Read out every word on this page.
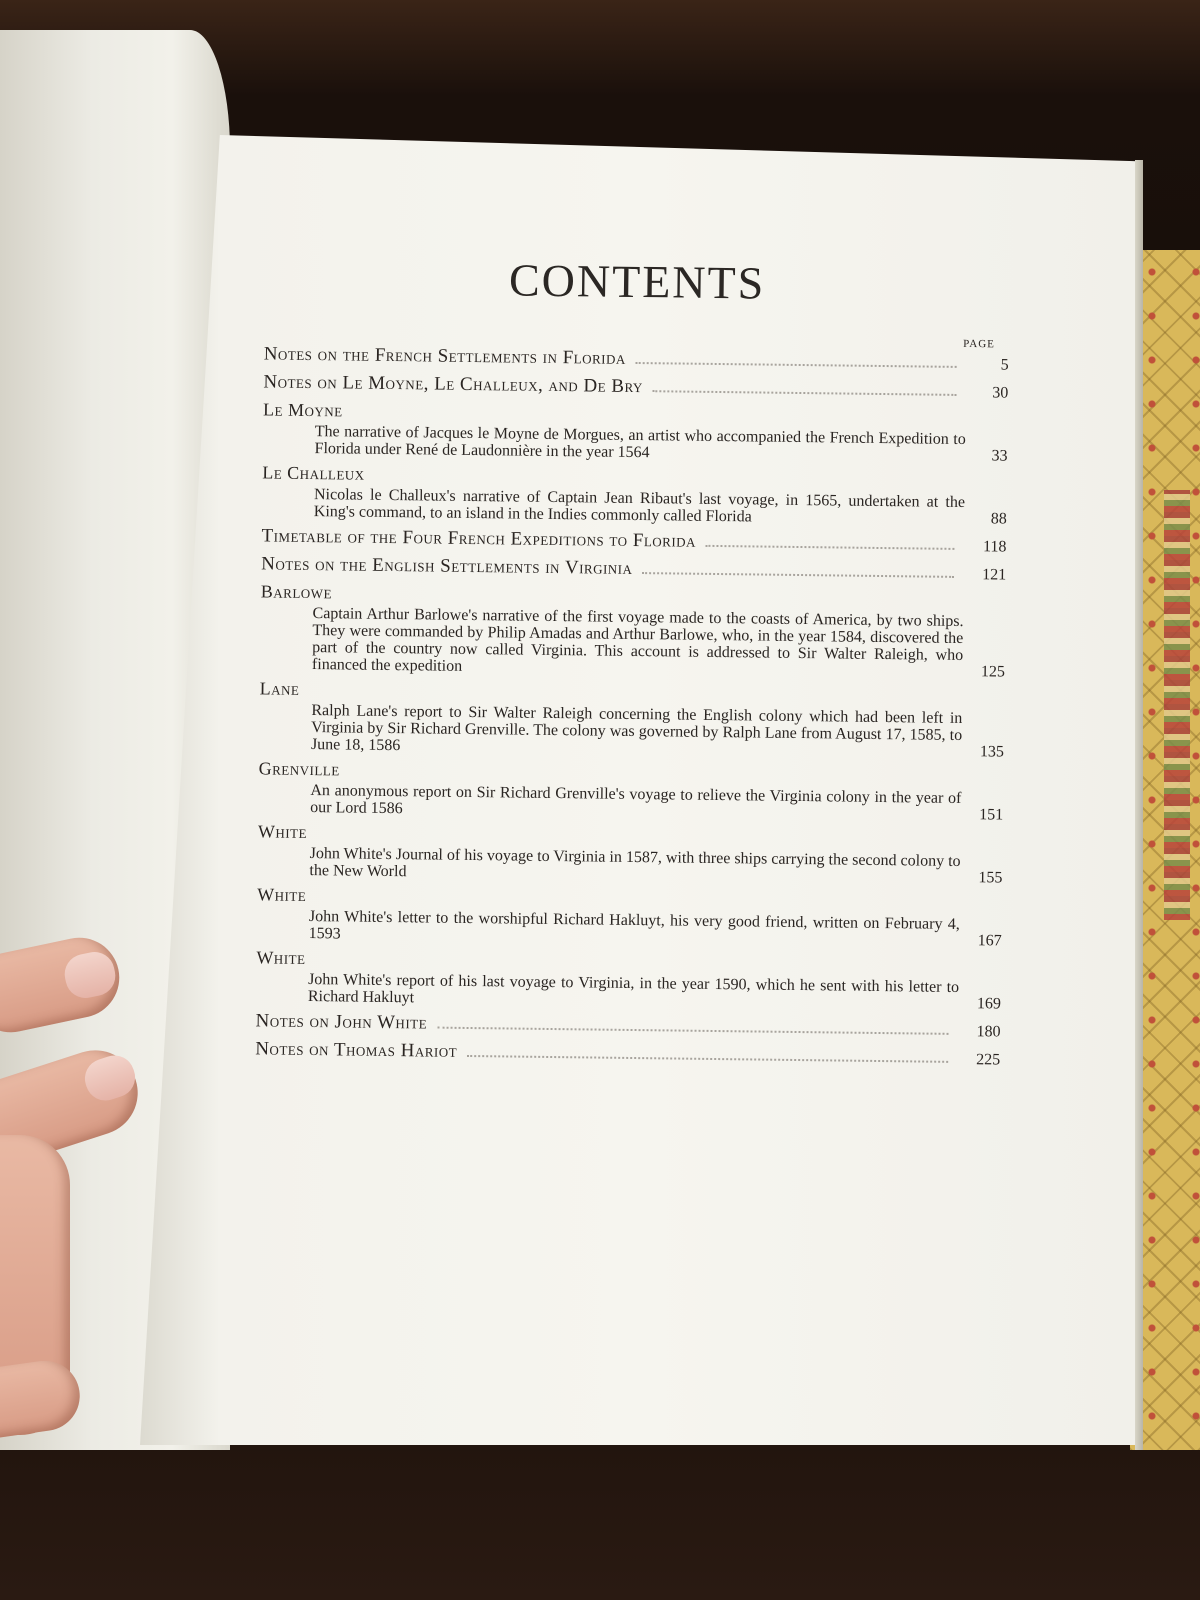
CONTENTS
PAGE
Notes on the French Settlements in Florida	5
Notes on Le Moyne, Le Challeux, and De Bry	30
Le Moyne
The narrative of Jacques le Moyne de Morgues, an artist who accompanied the French Expedition to Florida under René de Laudonnière in the year 1564	33
Le Challeux
Nicolas le Challeux's narrative of Captain Jean Ribaut's last voyage, in 1565, undertaken at the King's command, to an island in the Indies commonly called Florida	88
Timetable of the Four French Expeditions to Florida	118
Notes on the English Settlements in Virginia	121
Barlowe
Captain Arthur Barlowe's narrative of the first voyage made to the coasts of America, by two ships. They were commanded by Philip Amadas and Arthur Barlowe, who, in the year 1584, discovered the part of the country now called Virginia. This account is addressed to Sir Walter Raleigh, who financed the expedition	125
Lane
Ralph Lane's report to Sir Walter Raleigh concerning the English colony which had been left in Virginia by Sir Richard Grenville. The colony was governed by Ralph Lane from August 17, 1585, to June 18, 1586	135
Grenville
An anonymous report on Sir Richard Grenville's voyage to relieve the Virginia colony in the year of our Lord 1586	151
White
John White's Journal of his voyage to Virginia in 1587, with three ships carrying the second colony to the New World	155
White
John White's letter to the worshipful Richard Hakluyt, his very good friend, written on February 4, 1593	167
White
John White's report of his last voyage to Virginia, in the year 1590, which he sent with his letter to Richard Hakluyt	169
Notes on John White	180
Notes on Thomas Hariot	225
